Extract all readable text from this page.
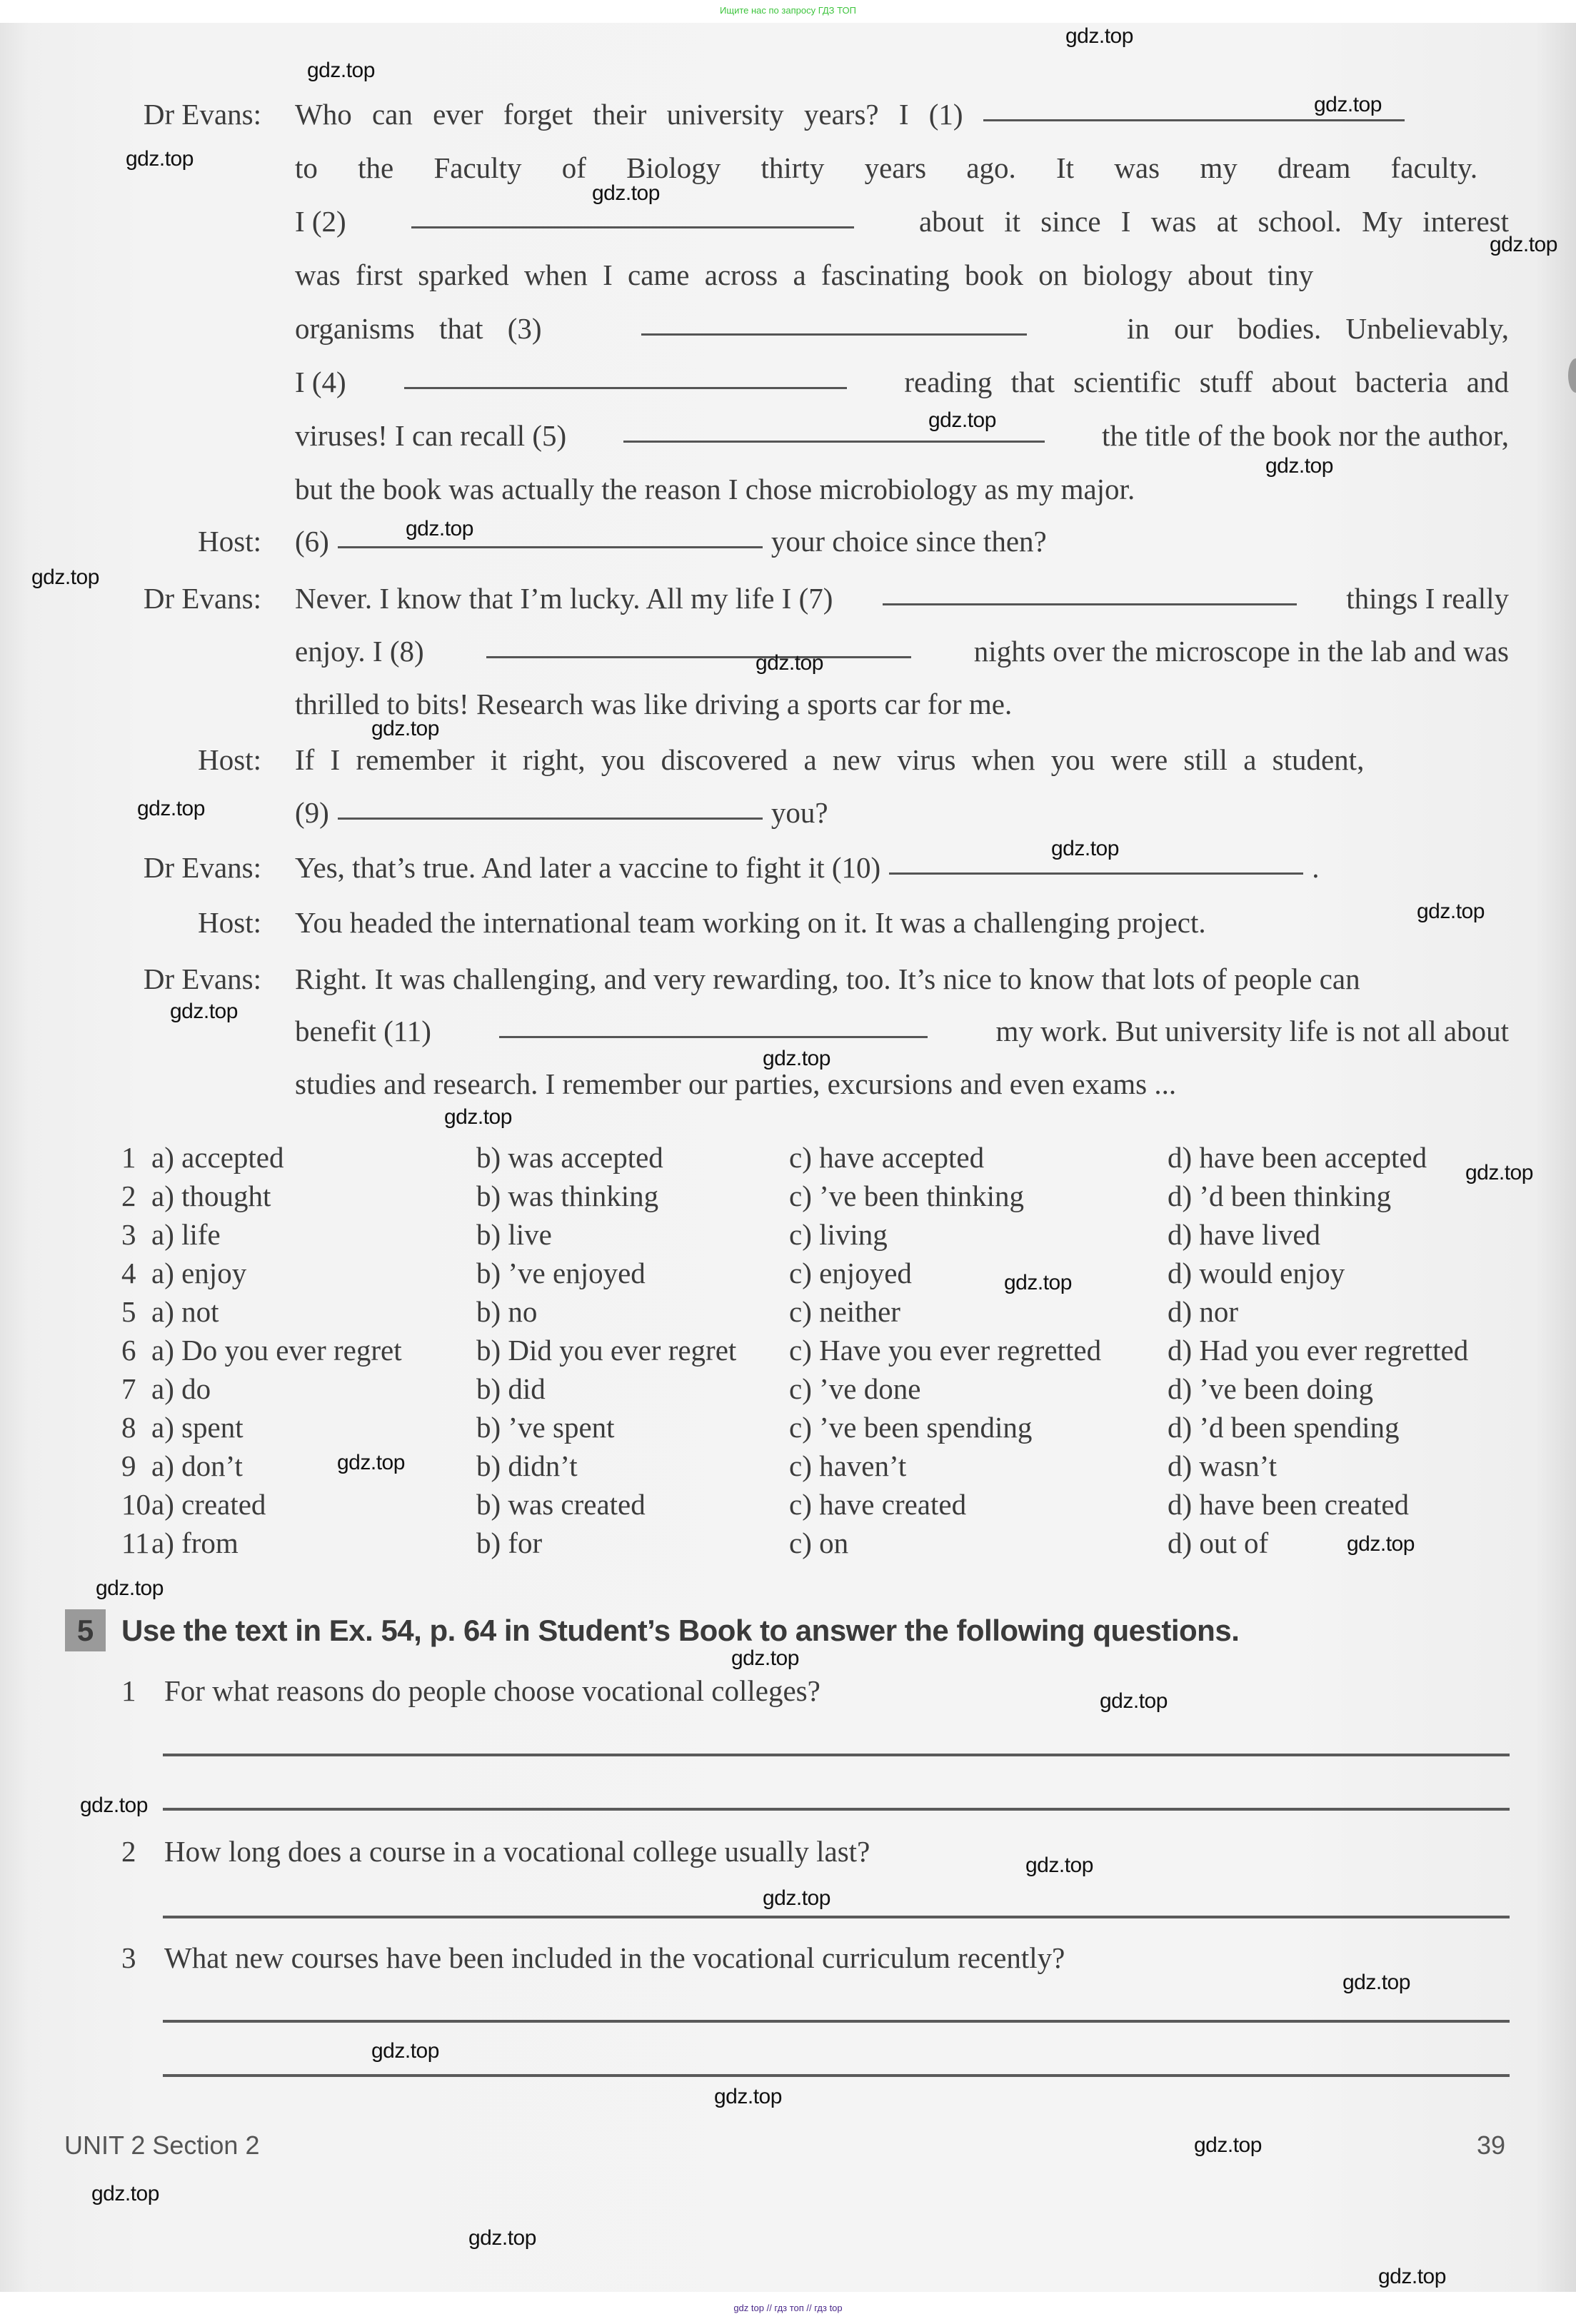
Ищите нас по запросу ГДЗ ТОП
Dr Evans: Who can ever forget their university years? I (1)
to the Faculty of Biology thirty years ago. It was my dream faculty.
I (2)	about it since I was at school. My interest
was first sparked when I came across a fascinating book on biology about tiny
organisms that (3)	in our bodies. Unbelievably,
I (4)	reading that scientific stuff about bacteria and
viruses! I can recall (5)	the title of the book nor the author,
but the book was actually the reason I chose microbiology as my major.
Host: (6)	your choice since then?
Dr Evans: Never. I know that I’m lucky. All my life I (7)	things I really
enjoy. I (8)	nights over the microscope in the lab and was
thrilled to bits! Research was like driving a sports car for me.
Host: If I remember it right, you discovered a new virus when you were still a student,
(9)	you?
Dr Evans: Yes, that’s true. And later a vaccine to fight it (10)	.
Host: You headed the international team working on it. It was a challenging project.
Dr Evans: Right. It was challenging, and very rewarding, too. It’s nice to know that lots of people can
benefit (11)	my work. But university life is not all about
studies and research. I remember our parties, excursions and even exams ...
1 a) accepted	b) was accepted	c) have accepted	d) have been accepted
2 a) thought	b) was thinking	c) ’ve been thinking	d) ’d been thinking
3 a) life	b) live	c) living	d) have lived
4 a) enjoy	b) ’ve enjoyed	c) enjoyed	d) would enjoy
5 a) not	b) no	c) neither	d) nor
6 a) Do you ever regret	b) Did you ever regret c) Have you ever regretted d) Had you ever regretted
7 a) do	b) did	c) ’ve done	d) ’ve been doing
8 a) spent	b) ’ve spent	c) ’ve been spending	d) ’d been spending
9 a) don’t	b) didn’t	c) haven’t	d) wasn’t
10 a) created	b) was created	c) have created	d) have been created
11 a) from	b) for	c) on	d) out of
5 Use the text in Ex. 54, p. 64 in Student’s Book to answer the following questions.
1 For what reasons do people choose vocational colleges?
2 How long does a course in a vocational college usually last?
3 What new courses have been included in the vocational curriculum recently?
UNIT 2 Section 2	39
gdz.top
gdz.top
gdz.top
gdz.top
gdz.top
gdz.top
gdz.top
gdz.top
gdz.top
gdz.top
gdz.top
gdz.top
gdz.top
gdz.top
gdz.top
gdz.top
gdz.top
gdz.top
gdz.top
gdz.top
gdz.top
gdz.top
gdz.top
gdz.top
gdz.top
gdz.top
gdz.top
gdz.top
gdz.top
gdz.top
gdz.top
gdz.top
gdz.top
gdz.top
gdz.top
gdz top // гдз топ // гдз top
